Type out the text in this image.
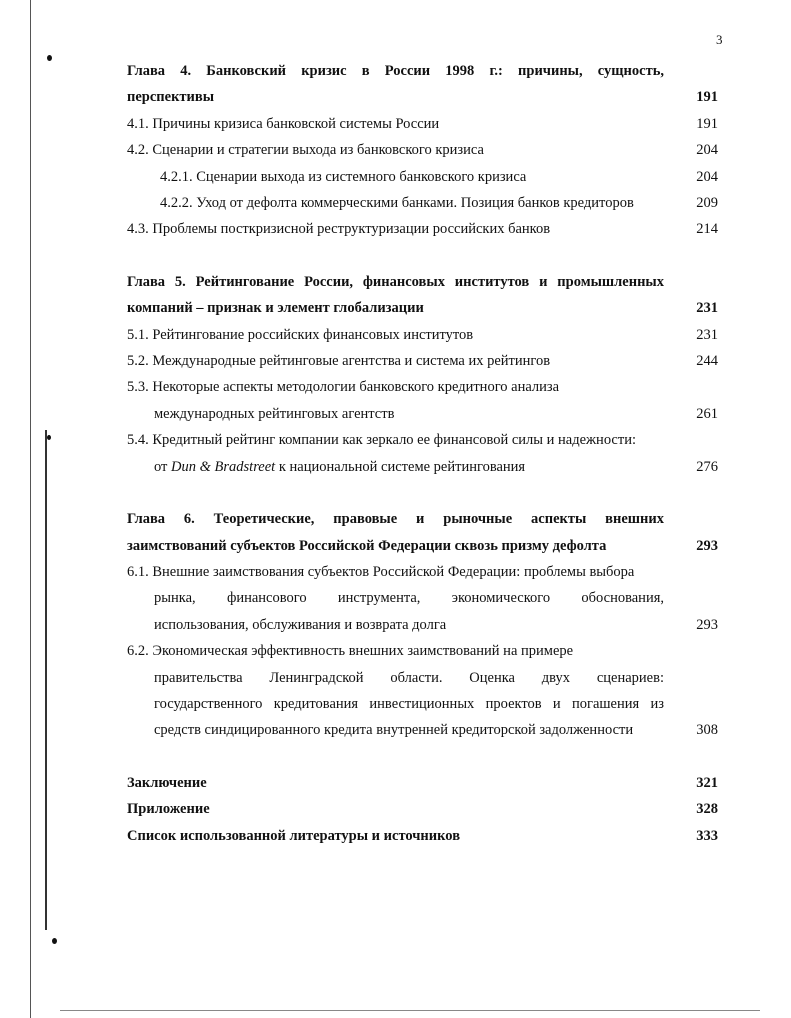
3
Глава 4. Банковский кризис в России 1998 г.: причины, сущность,
перспективы	191
4.1. Причины кризиса банковской системы России	191
4.2. Сценарии и стратегии выхода из банковского кризиса	204
4.2.1. Сценарии выхода из системного банковского кризиса	204
4.2.2. Уход от дефолта коммерческими банками. Позиция банков кредиторов	209
4.3. Проблемы посткризисной реструктуризации российских банков	214
Глава 5. Рейтингование России, финансовых институтов и промышленных
компаний – признак и элемент глобализации	231
5.1. Рейтингование российских финансовых институтов	231
5.2. Международные рейтинговые агентства и система их рейтингов	244
5.3. Некоторые аспекты методологии банковского кредитного анализа
международных рейтинговых агентств	261
5.4. Кредитный рейтинг компании как зеркало ее финансовой силы и надежности:
от Dun & Bradstreet к национальной системе рейтингования	276
Глава 6. Теоретические, правовые и рыночные аспекты внешних
заимствований субъектов Российской Федерации сквозь призму дефолта	293
6.1. Внешние заимствования субъектов Российской Федерации: проблемы выбора
рынка, финансового инструмента, экономического обоснования,
использования, обслуживания и возврата долга	293
6.2. Экономическая эффективность внешних заимствований на примере
правительства Ленинградской области. Оценка двух сценариев:
государственного кредитования инвестиционных проектов и погашения из
средств синдицированного кредита внутренней кредиторской задолженности	308
Заключение	321
Приложение	328
Список использованной литературы и источников	333
